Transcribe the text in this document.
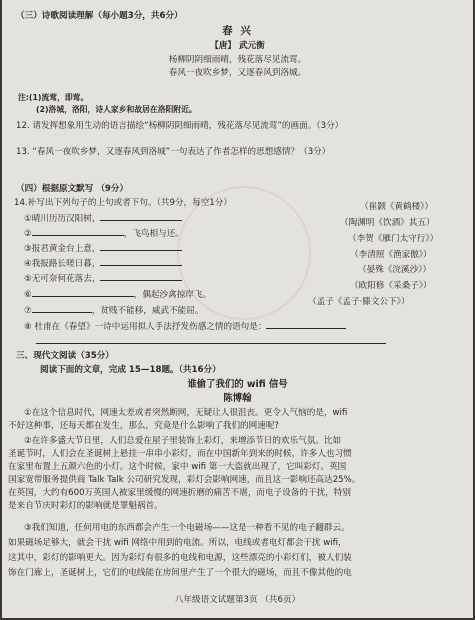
（三）诗歌阅读理解（每小题3分，共6分）
春 兴
【唐】 武元衡
杨柳阴阴细雨晴，残花落尽见流莺。
春风一夜吹乡梦，又逐春风到洛城。
注:(1)流莺，即莺。
(2)洛城，洛阳，诗人家乡和故居在洛阳附近。
12. 请发挥想象用生动的语言描绘“杨柳阴阴细雨晴，残花落尽见流莺”的画面。（3分）
13. “春风一夜吹乡梦，又逐春风到洛城”一句表达了作者怎样的思想感情？（3分）
（四）根据原文默写 （9分）
14.补写出下列句子的上句或者下句。（共9分，每空1分）
①晴川历历汉阳树，
（崔颢《黄鹤楼》）
②	，飞鸟相与还。
（陶渊明《饮酒》其五）
③报君黄金台上意，
（李贺《雁门太守行》）
④我报路长嗟日暮，
（李清照《渔家傲》）
⑤无可奈何花落去，
（晏殊《浣溪沙》）
⑥	，偶起沙禽掠岸飞。
（欧阳修《采桑子》）
⑦	，贫贱不能移，威武不能屈。
（孟子《孟子·滕文公下》）
⑧ 杜甫在《春望》一诗中运用拟人手法抒发伤感之情的语句是：
三、现代文阅读（35分）
阅读下面的文章，完成 15—18题。（共16分）
谁偷了我们的 wifi 信号
陈博翰
①在这个信息时代，网速太差或者突然断网，无疑让人很沮丧。更令人气恼的是，wifi
不好这种事，还每天都在发生，那么，究竟是什么影响了我们的网速呢?
②在许多盛大节日里，人们总爱在屋子里装饰上彩灯，来增添节日的欢乐气氛。比如
圣诞节时，人们会在圣诞树上悬挂一串串小彩灯，而在中国新年到来的时候，许多人也习惯
在家里布置上五颜六色的小灯。这个时候，家中 wifi 第一大盗就出现了，它叫彩灯。英国
国家宽带服务提供商 Talk Talk 公司研究发现，彩灯会影响网速，而且这一影响还高达25%。
在英国，大约有600万英国人被家里缓慢的网速折磨的痛苦不堪，而电子设备的干扰，特别
是来自节庆时彩灯的影响就是罪魁祸首。
③我们知道，任何用电的东西都会产生一个电磁场——这是一种看不见的电子翻群云。
如果磁场足够大，就会干扰 wifi 网络中用到的电流。所以，电线或者电灯都会干扰 wifi，
这其中，彩灯的影响更大。因为彩灯有很多的电线和电源，这些漂亮的小彩灯们，被人们装
饰在门廊上，圣诞树上，它们的电线能在房间里产生了一个很大的磁场，而且不像其他的电
八年级语文试题第3页 （共6页）
